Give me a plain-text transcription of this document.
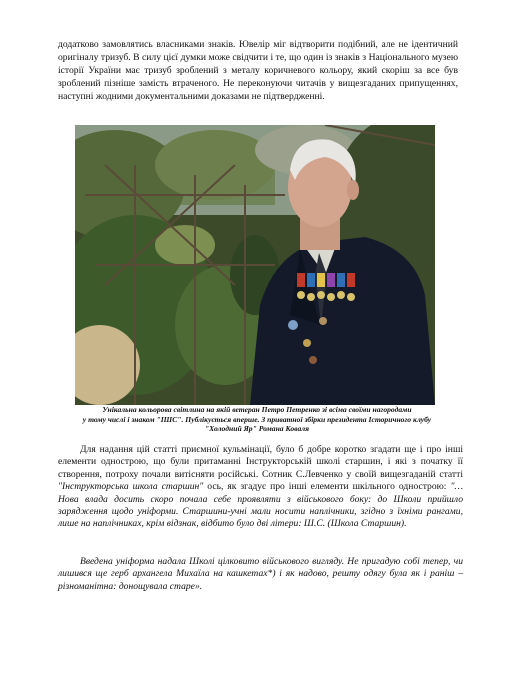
додатково замовлятись власниками знаків. Ювелір міг відтворити подібний, але не ідентичний оригіналу тризуб. В силу цієї думки може свідчити і те, що один із знаків з Національного музею історії України має тризуб зроблений з металу коричневого кольору, який скоріш за все був зроблений пізніше замість втраченого. Не переконуючи читачів у вищезгаданих припущеннях, наступні жодними документальними доказами не підтвердженні.

Унікальна кольорова світлина на якій ветеран Петро Петренко зі всіма своїми нагородами
у тому числі і знаком "ІШС". Публікується вперше. З приватної збірки президента Історичного клубу
"Холодний Яр" Романа Коваля

Для надання цій статті приємної кульмінації, було б добре коротко згадати ще і про інші елементи однострою, що були притаманні Інструкторській школі старшин, і які з початку її створення, потроху почали витісняти російські. Сотник С.Левченко у своїй вищезгаданій статті "Інструкторська школа старшин" ось, як згадує про інші елементи шкільного однострою: "…Нова влада досить скоро почала себе проявляти з військового боку: до Школи прийшло зарядження щодо уніформи. Старшини-учні мали носити наплічники, згідно з їхніми рангами, лише на наплічниках, крім відзнак, відбито було дві літери: Ш.С. (Школа Старшин).

Введена уніформа надала Школі цілковито військового вигляду. Не пригадую собі тепер, чи лишився ще герб архангела Михаїла на кашкетах*) і як надово, решту одягу була як і раніш – різноманітна: донощувала старе».
